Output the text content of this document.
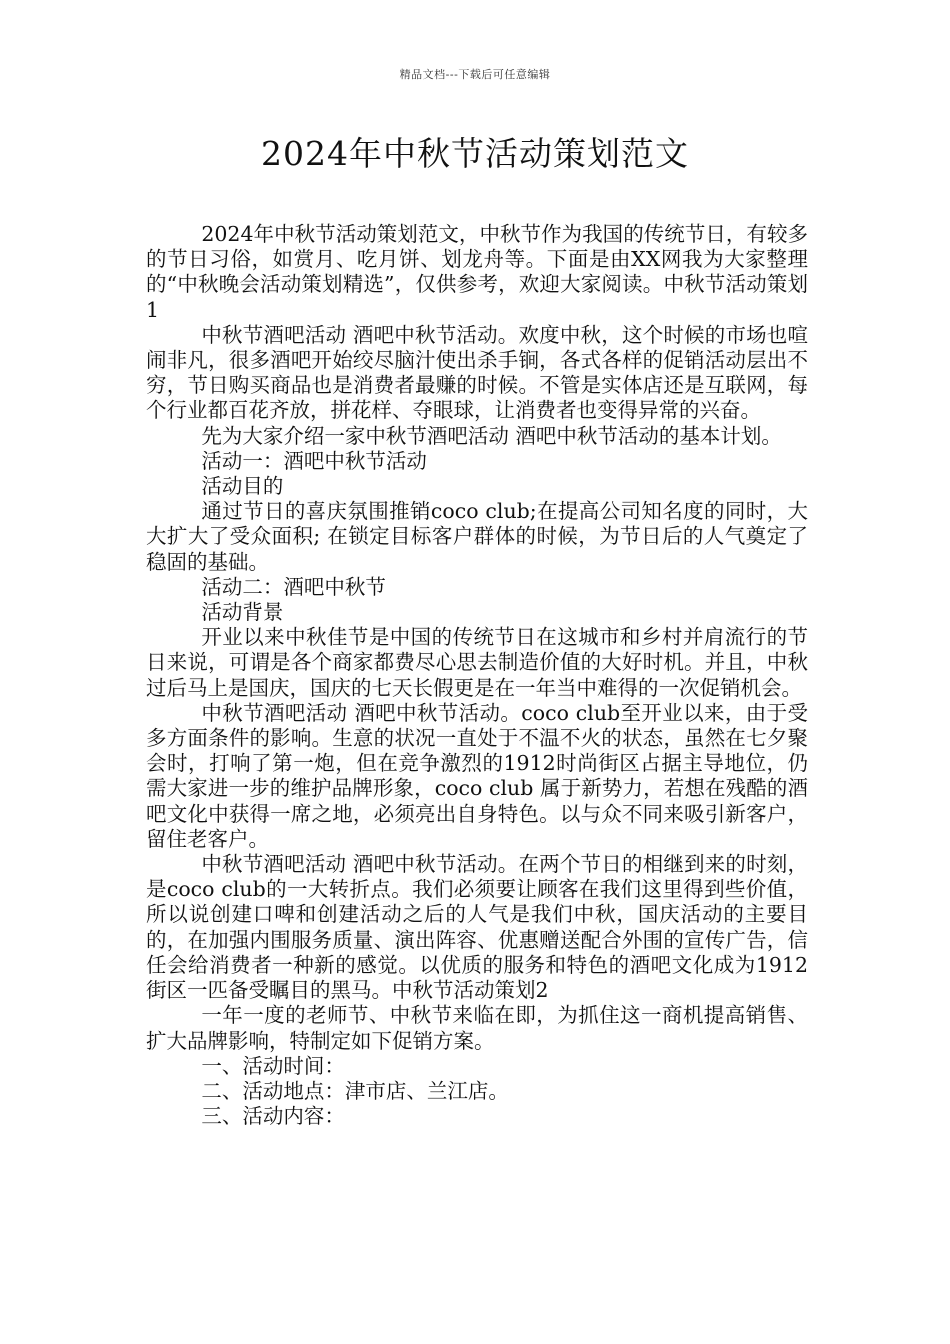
精品文档---下载后可任意编辑
2024年中秋节活动策划范文

2024年中秋节活动策划范文，中秋节作为我国的传统节日，有较多的节日习俗，如赏月、吃月饼、划龙舟等。下面是由XX网我为大家整理的“中秋晚会活动策划精选”，仅供参考，欢迎大家阅读。中秋节活动策划1

中秋节酒吧活动 酒吧中秋节活动。欢度中秋，这个时候的市场也喧闹非凡，很多酒吧开始绞尽脑汁使出杀手锏，各式各样的促销活动层出不穷，节日购买商品也是消费者最赚的时候。不管是实体店还是互联网，每个行业都百花齐放，拼花样、夺眼球，让消费者也变得异常的兴奋。

先为大家介绍一家中秋节酒吧活动 酒吧中秋节活动的基本计划。

活动一：酒吧中秋节活动

活动目的

通过节日的喜庆氛围推销coco club;在提高公司知名度的同时，大大扩大了受众面积; 在锁定目标客户群体的时候，为节日后的人气奠定了稳固的基础。

活动二：酒吧中秋节

活动背景

开业以来中秋佳节是中国的传统节日在这城市和乡村并肩流行的节日来说，可谓是各个商家都费尽心思去制造价值的大好时机。并且，中秋过后马上是国庆，国庆的七天长假更是在一年当中难得的一次促销机会。

中秋节酒吧活动 酒吧中秋节活动。coco club至开业以来，由于受多方面条件的影响。生意的状况一直处于不温不火的状态，虽然在七夕聚会时，打响了第一炮，但在竞争激烈的1912时尚街区占据主导地位，仍需大家进一步的维护品牌形象，coco club 属于新势力，若想在残酷的酒吧文化中获得一席之地，必须亮出自身特色。以与众不同来吸引新客户，留住老客户。

中秋节酒吧活动 酒吧中秋节活动。在两个节日的相继到来的时刻，是coco club的一大转折点。我们必须要让顾客在我们这里得到些价值，所以说创建口啤和创建活动之后的人气是我们中秋，国庆活动的主要目的，在加强内围服务质量、演出阵容、优惠赠送配合外围的宣传广告，信任会给消费者一种新的感觉。以优质的服务和特色的酒吧文化成为1912街区一匹备受瞩目的黑马。中秋节活动策划2

一年一度的老师节、中秋节来临在即，为抓住这一商机提高销售、扩大品牌影响，特制定如下促销方案。

一、活动时间：

二、活动地点：津市店、兰江店。

三、活动内容：
